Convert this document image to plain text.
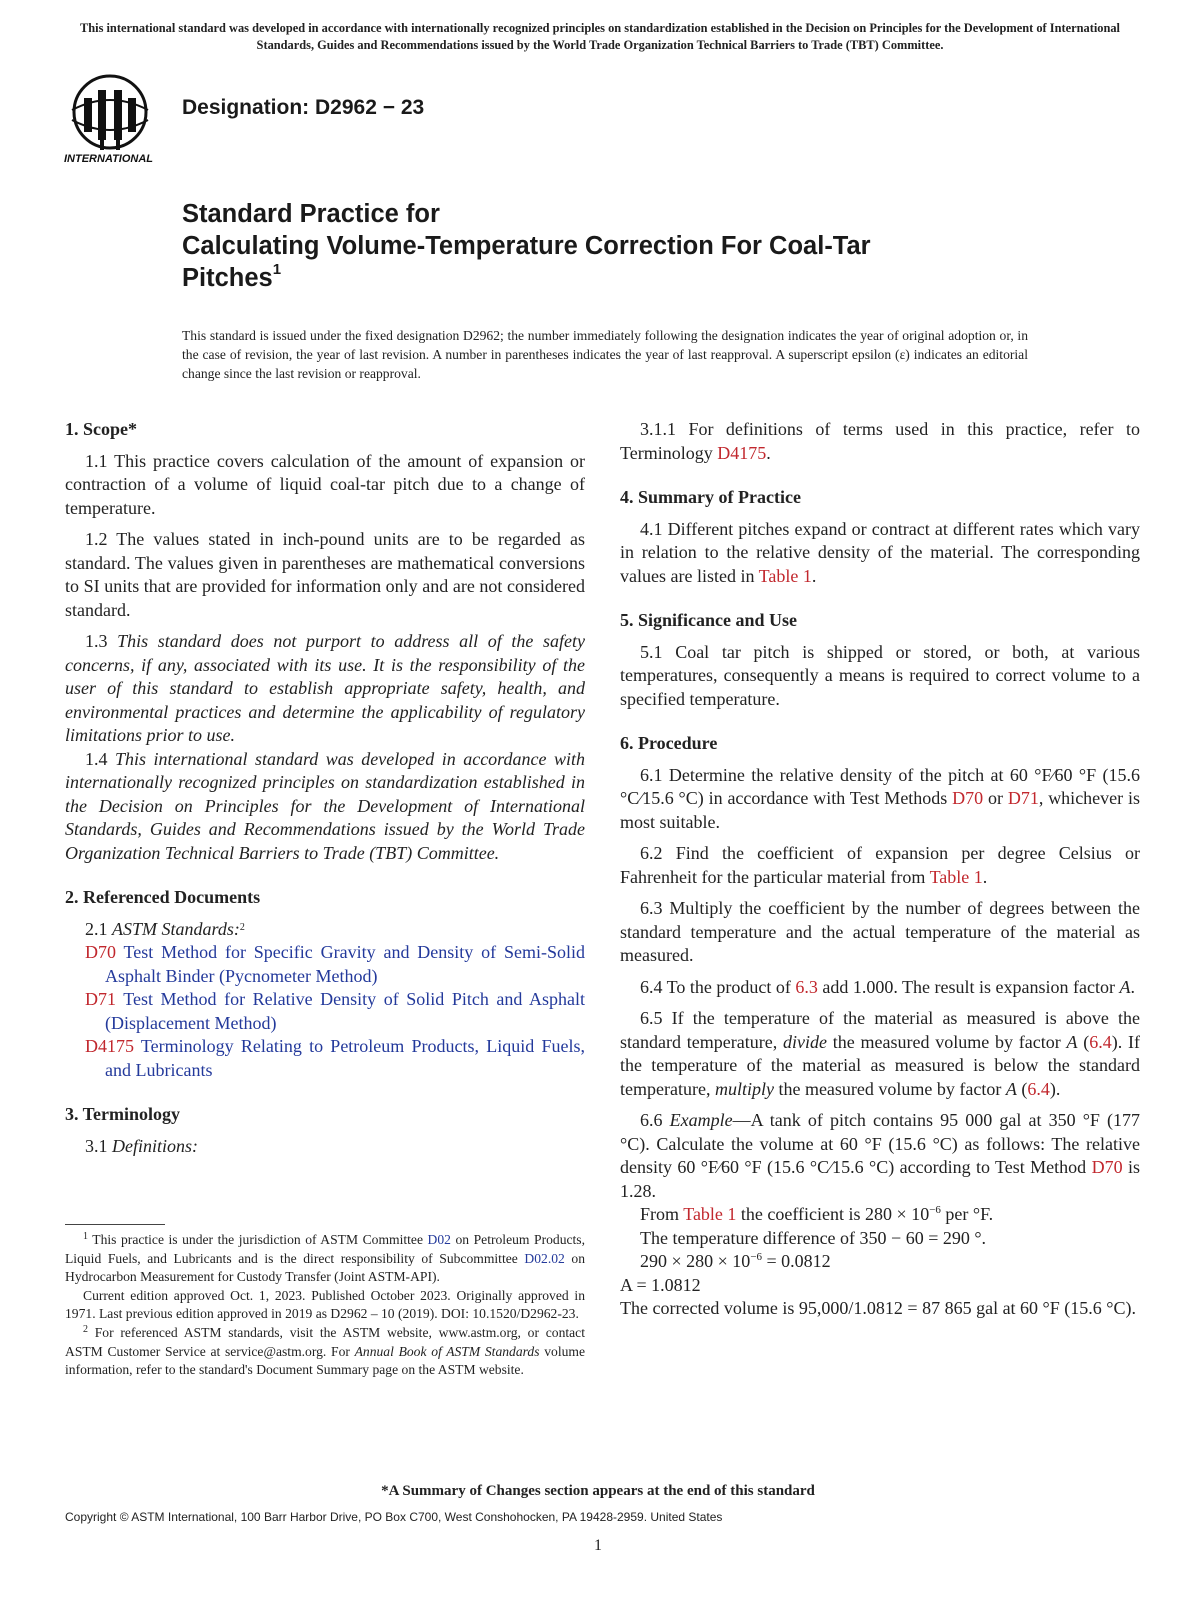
This international standard was developed in accordance with internationally recognized principles on standardization established in the Decision on Principles for the Development of International Standards, Guides and Recommendations issued by the World Trade Organization Technical Barriers to Trade (TBT) Committee.
INTERNATIONAL
Designation: D2962 − 23
Standard Practice for
Calculating Volume-Temperature Correction For Coal-Tar
Pitches$^1$
This standard is issued under the fixed designation D2962; the number immediately following the designation indicates the year of original adoption or, in the case of revision, the year of last revision. A number in parentheses indicates the year of last reapproval. A superscript epsilon (ε) indicates an editorial change since the last revision or reapproval.
1. Scope*

1.1 This practice covers calculation of the amount of expansion or contraction of a volume of liquid coal-tar pitch due to a change of temperature.

1.2 The values stated in inch-pound units are to be regarded as standard. The values given in parentheses are mathematical conversions to SI units that are provided for information only and are not considered standard.

1.3 This standard does not purport to address all of the safety concerns, if any, associated with its use. It is the responsibility of the user of this standard to establish appropriate safety, health, and environmental practices and determine the applicability of regulatory limitations prior to use.

1.4 This international standard was developed in accordance with internationally recognized principles on standardization established in the Decision on Principles for the Development of International Standards, Guides and Recommendations issued by the World Trade Organization Technical Barriers to Trade (TBT) Committee.

2. Referenced Documents

2.1 ASTM Standards:$^2$

D70 Test Method for Specific Gravity and Density of Semi-Solid Asphalt Binder (Pycnometer Method)

D71 Test Method for Relative Density of Solid Pitch and Asphalt (Displacement Method)

D4175 Terminology Relating to Petroleum Products, Liquid Fuels, and Lubricants

3. Terminology

3.1 Definitions:

$^1$ This practice is under the jurisdiction of ASTM Committee D02 on Petroleum Products, Liquid Fuels, and Lubricants and is the direct responsibility of Subcommittee D02.02 on Hydrocarbon Measurement for Custody Transfer (Joint ASTM-API).

Current edition approved Oct. 1, 2023. Published October 2023. Originally approved in 1971. Last previous edition approved in 2019 as D2962 – 10 (2019). DOI: 10.1520/D2962-23.

$^2$ For referenced ASTM standards, visit the ASTM website, www.astm.org, or contact ASTM Customer Service at service@astm.org. For Annual Book of ASTM Standards volume information, refer to the standard's Document Summary page on the ASTM website.

3.1.1 For definitions of terms used in this practice, refer to Terminology D4175.

4. Summary of Practice

4.1 Different pitches expand or contract at different rates which vary in relation to the relative density of the material. The corresponding values are listed in Table 1.

5. Significance and Use

5.1 Coal tar pitch is shipped or stored, or both, at various temperatures, consequently a means is required to correct volume to a specified temperature.

6. Procedure

6.1 Determine the relative density of the pitch at 60 °F⁄60 °F (15.6 °C⁄15.6 °C) in accordance with Test Methods D70 or D71, whichever is most suitable.

6.2 Find the coefficient of expansion per degree Celsius or Fahrenheit for the particular material from Table 1.

6.3 Multiply the coefficient by the number of degrees between the standard temperature and the actual temperature of the material as measured.

6.4 To the product of 6.3 add 1.000. The result is expansion factor A.

6.5 If the temperature of the material as measured is above the standard temperature, divide the measured volume by factor A (6.4). If the temperature of the material as measured is below the standard temperature, multiply the measured volume by factor A (6.4).

6.6 Example—A tank of pitch contains 95 000 gal at 350 °F (177 °C). Calculate the volume at 60 °F (15.6 °C) as follows: The relative density 60 °F⁄60 °F (15.6 °C⁄15.6 °C) according to Test Method D70 is 1.28.

From Table 1 the coefficient is $280 \times 10^{-6}$ per °F.

The temperature difference of 350 − 60 = 290 °.

$290 \times 280 \times 10^{-6} = 0.0812$

A = 1.0812

The corrected volume is 95,000/1.0812 = 87 865 gal at 60 °F (15.6 °C).

*A Summary of Changes section appears at the end of this standard
Copyright © ASTM International, 100 Barr Harbor Drive, PO Box C700, West Conshohocken, PA 19428-2959. United States
1
